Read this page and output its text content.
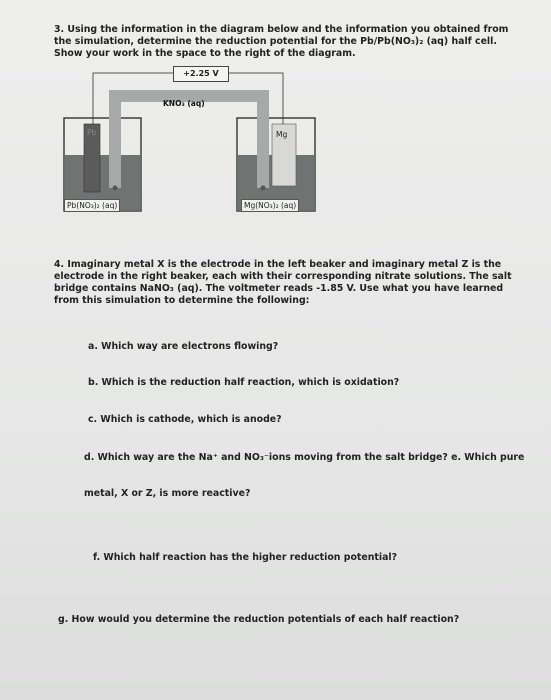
3. Using the information in the diagram below and the information you obtained from the simulation, determine the reduction potential for the Pb/Pb(NO₃)₂ (aq) half cell. Show your work in the space to the right of the diagram.
+2.25 V
KNO₃ (aq)
Pb	Mg
Pb(NO₃)₂ (aq)	Mg(NO₃)₂ (aq)
4. Imaginary metal X is the electrode in the left beaker and imaginary metal Z is the electrode in the right beaker, each with their corresponding nitrate solutions. The salt bridge contains NaNO₃ (aq). The voltmeter reads -1.85 V. Use what you have learned from this simulation to determine the following:
a. Which way are electrons flowing?
b. Which is the reduction half reaction, which is oxidation?
c. Which is cathode, which is anode?
d. Which way are the Na⁺ and NO₃⁻ions moving from the salt bridge? e. Which pure
metal, X or Z, is more reactive?
f. Which half reaction has the higher reduction potential?
g. How would you determine the reduction potentials of each half reaction?
